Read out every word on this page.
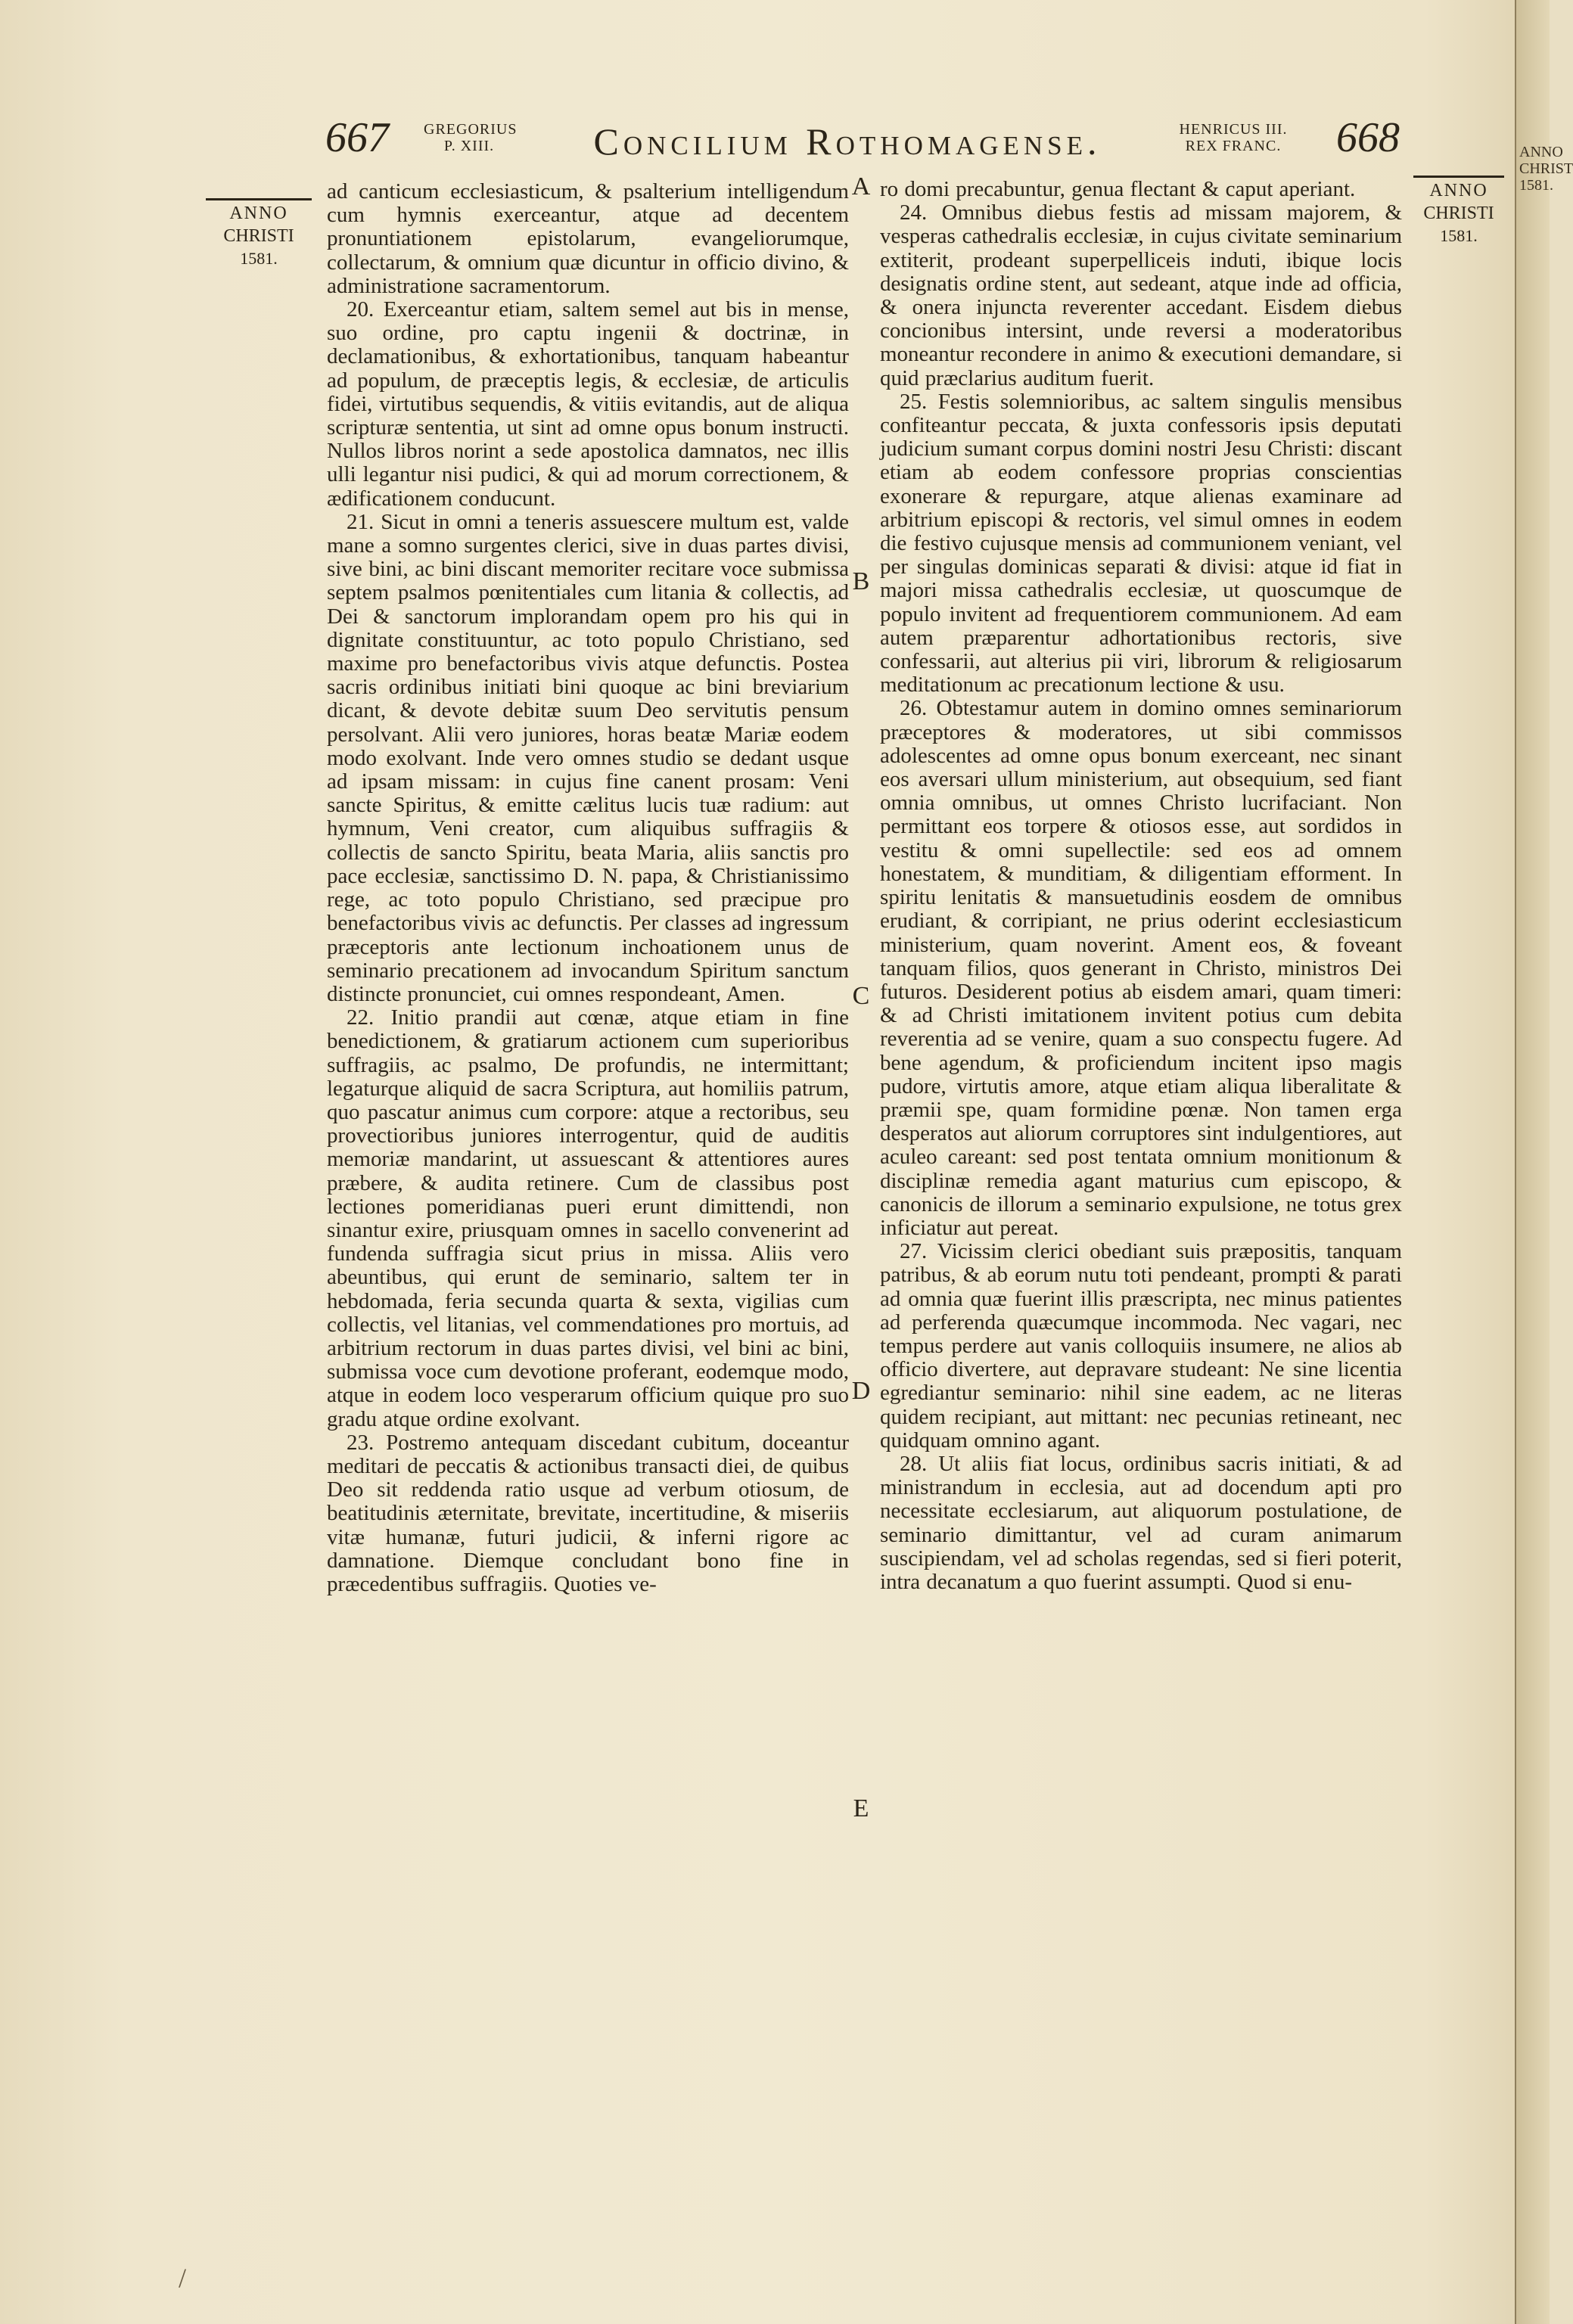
667 GREGORIUS
P. XIII.	Concilium Rothomagense.	HENRICUS III.
REX FRANC.	668
ANNO
CHRISTI
1581.
ANNO
CHRISTI
1581.

ad canticum ecclesiasticum, & psalterium intelligendum cum hymnis exerceantur, atque ad decentem pronuntiationem epistolarum, evangeliorumque, collectarum, & omnium quæ dicuntur in officio divino, & administratione sacramentorum.

20. Exerceantur etiam, saltem semel aut bis in mense, suo ordine, pro captu ingenii & doctrinæ, in declamationibus, & exhortationibus, tanquam habeantur ad populum, de præceptis legis, & ecclesiæ, de articulis fidei, virtutibus sequendis, & vitiis evitandis, aut de aliqua scripturæ sententia, ut sint ad omne opus bonum instructi. Nullos libros norint a sede apostolica damnatos, nec illis ulli legantur nisi pudici, & qui ad morum correctionem, & ædificationem conducunt.

21. Sicut in omni a teneris assuescere multum est, valde mane a somno surgentes clerici, sive in duas partes divisi, sive bini, ac bini discant memoriter recitare voce submissa septem psalmos pœnitentiales cum litania & collectis, ad Dei & sanctorum implorandam opem pro his qui in dignitate constituuntur, ac toto populo Christiano, sed maxime pro benefactoribus vivis atque defunctis. Postea sacris ordinibus initiati bini quoque ac bini breviarium dicant, & devote debitæ suum Deo servitutis pensum persolvant. Alii vero juniores, horas beatæ Mariæ eodem modo exolvant. Inde vero omnes studio se dedant usque ad ipsam missam: in cujus fine canent prosam: Veni sancte Spiritus, & emitte cælitus lucis tuæ radium: aut hymnum, Veni creator, cum aliquibus suffragiis & collectis de sancto Spiritu, beata Maria, aliis sanctis pro pace ecclesiæ, sanctissimo D. N. papa, & Christianissimo rege, ac toto populo Christiano, sed præcipue pro benefactoribus vivis ac defunctis. Per classes ad ingressum præceptoris ante lectionum inchoationem unus de seminario precationem ad invocandum Spiritum sanctum distincte pronunciet, cui omnes respondeant, Amen.

22. Initio prandii aut cœnæ, atque etiam in fine benedictionem, & gratiarum actionem cum superioribus suffragiis, ac psalmo, De profundis, ne intermittant; legaturque aliquid de sacra Scriptura, aut homiliis patrum, quo pascatur animus cum corpore: atque a rectoribus, seu provectioribus juniores interrogentur, quid de auditis memoriæ mandarint, ut assuescant & attentiores aures præbere, & audita retinere. Cum de classibus post lectiones pomeridianas pueri erunt dimittendi, non sinantur exire, priusquam omnes in sacello convenerint ad fundenda suffragia sicut prius in missa. Aliis vero abeuntibus, qui erunt de seminario, saltem ter in hebdomada, feria secunda quarta & sexta, vigilias cum collectis, vel litanias, vel commendationes pro mortuis, ad arbitrium rectorum in duas partes divisi, vel bini ac bini, submissa voce cum devotione proferant, eodemque modo, atque in eodem loco vesperarum officium quique pro suo gradu atque ordine exolvant.

23. Postremo antequam discedant cubitum, doceantur meditari de peccatis & actionibus transacti diei, de quibus Deo sit reddenda ratio usque ad verbum otiosum, de beatitudinis æternitate, brevitate, incertitudine, & miseriis vitæ humanæ, futuri judicii, & inferni rigore ac damnatione. Diemque concludant bono fine in præcedentibus suffragiis. Quoties ve-

A
B
C
D
E

ro domi precabuntur, genua flectant & caput aperiant.

24. Omnibus diebus festis ad missam majorem, & vesperas cathedralis ecclesiæ, in cujus civitate seminarium extiterit, prodeant superpelliceis induti, ibique locis designatis ordine stent, aut sedeant, atque inde ad officia, & onera injuncta reverenter accedant. Eisdem diebus concionibus intersint, unde reversi a moderatoribus moneantur recondere in animo & executioni demandare, si quid præclarius auditum fuerit.

25. Festis solemnioribus, ac saltem singulis mensibus confiteantur peccata, & juxta confessoris ipsis deputati judicium sumant corpus domini nostri Jesu Christi: discant etiam ab eodem confessore proprias conscientias exonerare & repurgare, atque alienas examinare ad arbitrium episcopi & rectoris, vel simul omnes in eodem die festivo cujusque mensis ad communionem veniant, vel per singulas dominicas separati & divisi: atque id fiat in majori missa cathedralis ecclesiæ, ut quoscumque de populo invitent ad frequentiorem communionem. Ad eam autem præparentur adhortationibus rectoris, sive confessarii, aut alterius pii viri, librorum & religiosarum meditationum ac precationum lectione & usu.

26. Obtestamur autem in domino omnes seminariorum præceptores & moderatores, ut sibi commissos adolescentes ad omne opus bonum exerceant, nec sinant eos aversari ullum ministerium, aut obsequium, sed fiant omnia omnibus, ut omnes Christo lucrifaciant. Non permittant eos torpere & otiosos esse, aut sordidos in vestitu & omni supellectile: sed eos ad omnem honestatem, & munditiam, & diligentiam efforment. In spiritu lenitatis & mansuetudinis eosdem de omnibus erudiant, & corripiant, ne prius oderint ecclesiasticum ministerium, quam noverint. Ament eos, & foveant tanquam filios, quos generant in Christo, ministros Dei futuros. Desiderent potius ab eisdem amari, quam timeri: & ad Christi imitationem invitent potius cum debita reverentia ad se venire, quam a suo conspectu fugere. Ad bene agendum, & proficiendum incitent ipso magis pudore, virtutis amore, atque etiam aliqua liberalitate & præmii spe, quam formidine pœnæ. Non tamen erga desperatos aut aliorum corruptores sint indulgentiores, aut aculeo careant: sed post tentata omnium monitionum & disciplinæ remedia agant maturius cum episcopo, & canonicis de illorum a seminario expulsione, ne totus grex inficiatur aut pereat.

27. Vicissim clerici obediant suis præpositis, tanquam patribus, & ab eorum nutu toti pendeant, prompti & parati ad omnia quæ fuerint illis præscripta, nec minus patientes ad perferenda quæcumque incommoda. Nec vagari, nec tempus perdere aut vanis colloquiis insumere, ne alios ab officio divertere, aut depravare studeant: Ne sine licentia egrediantur seminario: nihil sine eadem, ac ne literas quidem recipiant, aut mittant: nec pecunias retineant, nec quidquam omnino agant.

28. Ut aliis fiat locus, ordinibus sacris initiati, & ad ministrandum in ecclesia, aut ad docendum apti pro necessitate ecclesiarum, aut aliquorum postulatione, de seminario dimittantur, vel ad curam animarum suscipiendam, vel ad scholas regendas, sed si fieri poterit, intra decanatum a quo fuerint assumpti. Quod si enu-

ANNO
CHRIST
1581.
/
